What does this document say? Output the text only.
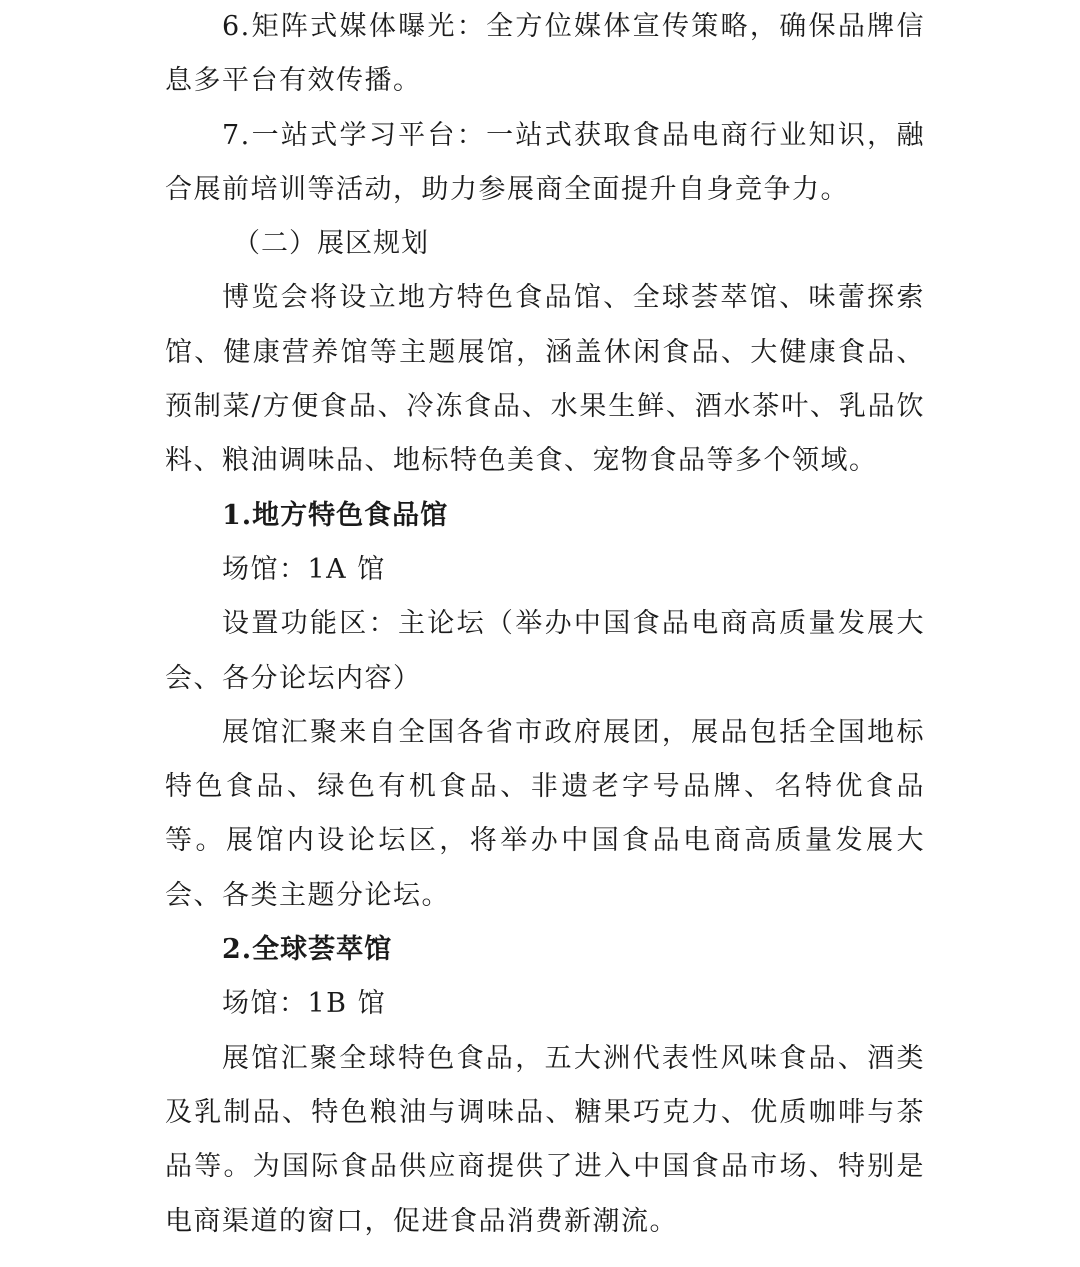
6.矩阵式媒体曝光：全方位媒体宣传策略，确保品牌信息多平台有效传播。

7.一站式学习平台：一站式获取食品电商行业知识，融合展前培训等活动，助力参展商全面提升自身竞争力。

（二）展区规划

博览会将设立地方特色食品馆、全球荟萃馆、味蕾探索馆、健康营养馆等主题展馆，涵盖休闲食品、大健康食品、预制菜/方便食品、冷冻食品、水果生鲜、酒水茶叶、乳品饮料、粮油调味品、地标特色美食、宠物食品等多个领域。

1.地方特色食品馆

场馆：1A 馆

设置功能区：主论坛（举办中国食品电商高质量发展大会、各分论坛内容）

展馆汇聚来自全国各省市政府展团，展品包括全国地标特色食品、绿色有机食品、非遗老字号品牌、名特优食品等。展馆内设论坛区，将举办中国食品电商高质量发展大会、各类主题分论坛。

2.全球荟萃馆

场馆：1B 馆

展馆汇聚全球特色食品，五大洲代表性风味食品、酒类及乳制品、特色粮油与调味品、糖果巧克力、优质咖啡与茶品等。为国际食品供应商提供了进入中国食品市场、特别是电商渠道的窗口，促进食品消费新潮流。
